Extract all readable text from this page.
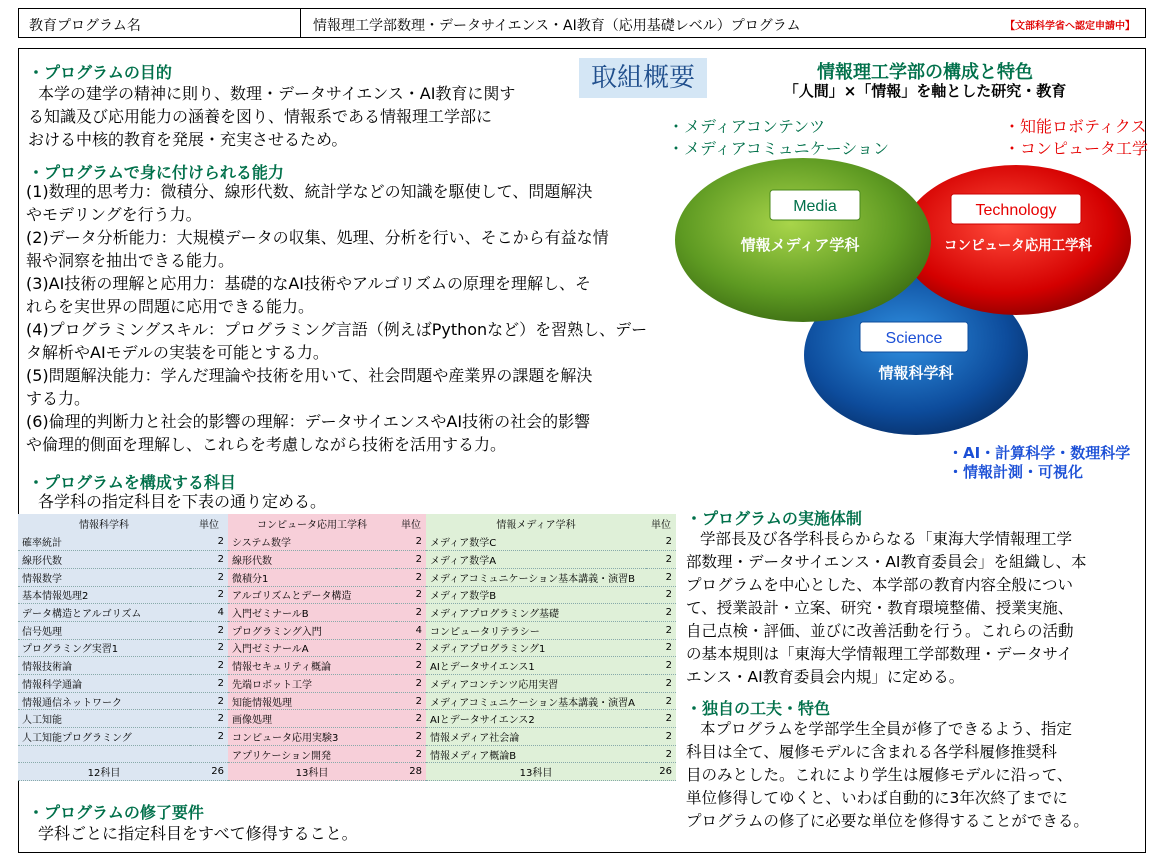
教育プログラム名	情報理工学部数理・データサイエンス・AI教育（応用基礎レベル）プログラム	【文部科学省へ認定申請中】
・プログラムの目的
本学の建学の精神に則り、数理・データサイエンス・AI教育に関す
る知識及び応用能力の涵養を図り、情報系である情報理工学部に
おける中核的教育を発展・充実させるため。
取組概要
・プログラムで身に付けられる能力
(1)数理的思考力：微積分、線形代数、統計学などの知識を駆使して、問題解決
やモデリングを行う力。
(2)データ分析能力：大規模データの収集、処理、分析を行い、そこから有益な情
報や洞察を抽出できる能力。
(3)AI技術の理解と応用力：基礎的なAI技術やアルゴリズムの原理を理解し、そ
れらを実世界の問題に応用できる能力。
(4)プログラミングスキル：プログラミング言語（例えばPythonなど）を習熟し、デー
タ解析やAIモデルの実装を可能とする力。
(5)問題解決能力：学んだ理論や技術を用いて、社会問題や産業界の課題を解決
する力。
(6)倫理的判断力と社会的影響の理解：データサイエンスやAI技術の社会的影響
や倫理的側面を理解し、これらを考慮しながら技術を活用する力。
・プログラムを構成する科目
各学科の指定科目を下表の通り定める。
情報科学科	単位	コンピュータ応用工学科	単位	情報メディア学科	単位
確率統計	2	システム数学	2	メディア数学C	2
線形代数	2	線形代数	2	メディア数学A	2
情報数学	2	微積分1	2	メディアコミュニケーション基本講義・演習B	2
基本情報処理2	2	アルゴリズムとデータ構造	2	メディア数学B	2
データ構造とアルゴリズム	4	入門ゼミナールB	2	メディアプログラミング基礎	2
信号処理	2	プログラミング入門	4	コンピュータリテラシー	2
プログラミング実習1	2	入門ゼミナールA	2	メディアプログラミング1	2
情報技術論	2	情報セキュリティ概論	2	AIとデータサイエンス1	2
情報科学通論	2	先端ロボット工学	2	メディアコンテンツ応用実習	2
情報通信ネットワーク	2	知能情報処理	2	メディアコミュニケーション基本講義・演習A	2
人工知能	2	画像処理	2	AIとデータサイエンス2	2
人工知能プログラミング	2	コンピュータ応用実験3	2	情報メディア社会論	2
		アプリケーション開発	2	情報メディア概論B	2
12科目	26	13科目	28	13科目	26
・プログラムの修了要件
学科ごとに指定科目をすべて修得すること。
情報理工学部の構成と特色
「人間」×「情報」を軸とした研究・教育
・メディアコンテンツ
・メディアコミュニケーション
・知能ロボティクス
・コンピュータ工学
・AI・計算科学・数理科学
・情報計測・可視化
Media
情報メディア学科
Technology
コンピュータ応用工学科
Science
情報科学科
・プログラムの実施体制
学部長及び各学科長らからなる「東海大学情報理工学
部数理・データサイエンス・AI教育委員会」を組織し、本
プログラムを中心とした、本学部の教育内容全般につい
て、授業設計・立案、研究・教育環境整備、授業実施、
自己点検・評価、並びに改善活動を行う。これらの活動
の基本規則は「東海大学情報理工学部数理・データサイ
エンス・AI教育委員会内規」に定める。
・独自の工夫・特色
本プログラムを学部学生全員が修了できるよう、指定
科目は全て、履修モデルに含まれる各学科履修推奨科
目のみとした。これにより学生は履修モデルに沿って、
単位修得してゆくと、いわば自動的に3年次終了までに
プログラムの修了に必要な単位を修得することができる。
